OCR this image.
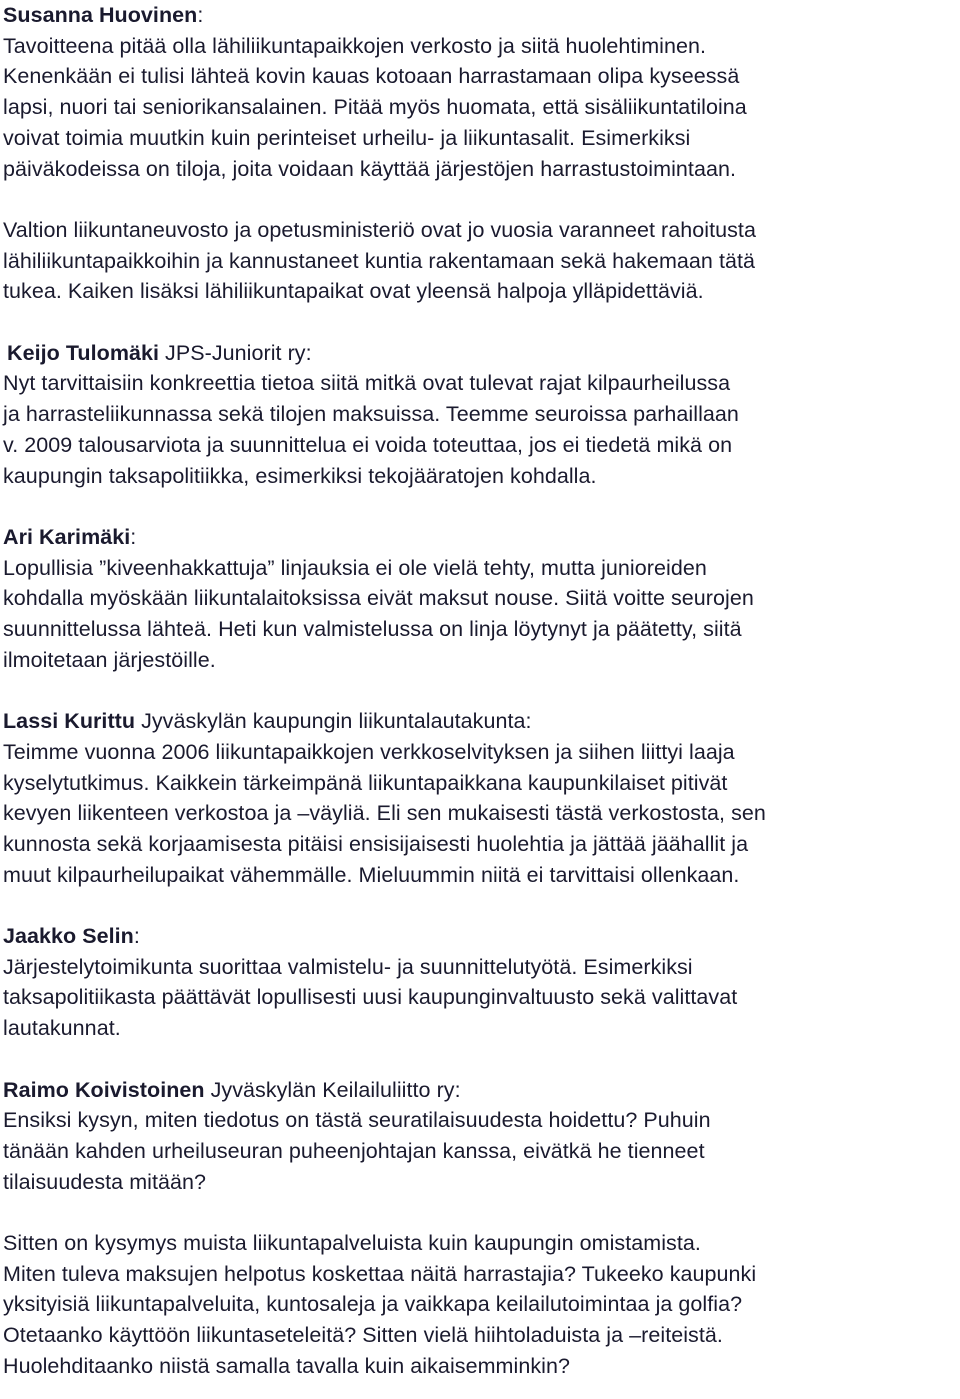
Susanna Huovinen:

Tavoitteena pitää olla lähiliikuntapaikkojen verkosto ja siitä huolehtiminen.
Kenenkään ei tulisi lähteä kovin kauas kotoaan harrastamaan olipa kyseessä
lapsi, nuori tai seniorikansalainen. Pitää myös huomata, että sisäliikuntatiloina
voivat toimia muutkin kuin perinteiset urheilu- ja liikuntasalit. Esimerkiksi
päiväkodeissa on tiloja, joita voidaan käyttää järjestöjen harrastustoimintaan.

Valtion liikuntaneuvosto ja opetusministeriö ovat jo vuosia varanneet rahoitusta
lähiliikuntapaikkoihin ja kannustaneet kuntia rakentamaan sekä hakemaan tätä
tukea. Kaiken lisäksi lähiliikuntapaikat ovat yleensä halpoja ylläpidettäviä.

Keijo Tulomäki JPS-Juniorit ry:

Nyt tarvittaisiin konkreettia tietoa siitä mitkä ovat tulevat rajat kilpaurheilussa
ja harrasteliikunnassa sekä tilojen maksuissa. Teemme seuroissa parhaillaan
v. 2009 talousarviota ja suunnittelua ei voida toteuttaa, jos ei tiedetä mikä on
kaupungin taksapolitiikka, esimerkiksi tekojääratojen kohdalla.

Ari Karimäki:

Lopullisia ”kiveenhakkattuja” linjauksia ei ole vielä tehty, mutta junioreiden
kohdalla myöskään liikuntalaitoksissa eivät maksut nouse. Siitä voitte seurojen
suunnittelussa lähteä. Heti kun valmistelussa on linja löytynyt ja päätetty, siitä
ilmoitetaan järjestöille.

Lassi Kurittu Jyväskylän kaupungin liikuntalautakunta:

Teimme vuonna 2006 liikuntapaikkojen verkkoselvityksen ja siihen liittyi laaja
kyselytutkimus. Kaikkein tärkeimpänä liikuntapaikkana kaupunkilaiset pitivät
kevyen liikenteen verkostoa ja –väyliä. Eli sen mukaisesti tästä verkostosta, sen
kunnosta sekä korjaamisesta pitäisi ensisijaisesti huolehtia ja jättää jäähallit ja
muut kilpaurheilupaikat vähemmälle. Mieluummin niitä ei tarvittaisi ollenkaan.

Jaakko Selin:

Järjestelytoimikunta suorittaa valmistelu- ja suunnittelutyötä. Esimerkiksi
taksapolitiikasta päättävät lopullisesti uusi kaupunginvaltuusto sekä valittavat
lautakunnat.

Raimo Koivistoinen Jyväskylän Keilailuliitto ry:

Ensiksi kysyn, miten tiedotus on tästä seuratilaisuudesta hoidettu? Puhuin
tänään kahden urheiluseuran puheenjohtajan kanssa, eivätkä he tienneet
tilaisuudesta mitään?

Sitten on kysymys muista liikuntapalveluista kuin kaupungin omistamista.
Miten tuleva maksujen helpotus koskettaa näitä harrastajia? Tukeeko kaupunki
yksityisiä liikuntapalveluita, kuntosaleja ja vaikkapa keilailutoimintaa ja golfia?
Otetaanko käyttöön liikuntaseteleitä? Sitten vielä hiihtoladuista ja –reiteistä.
Huolehditaanko niistä samalla tavalla kuin aikaisemminkin?
